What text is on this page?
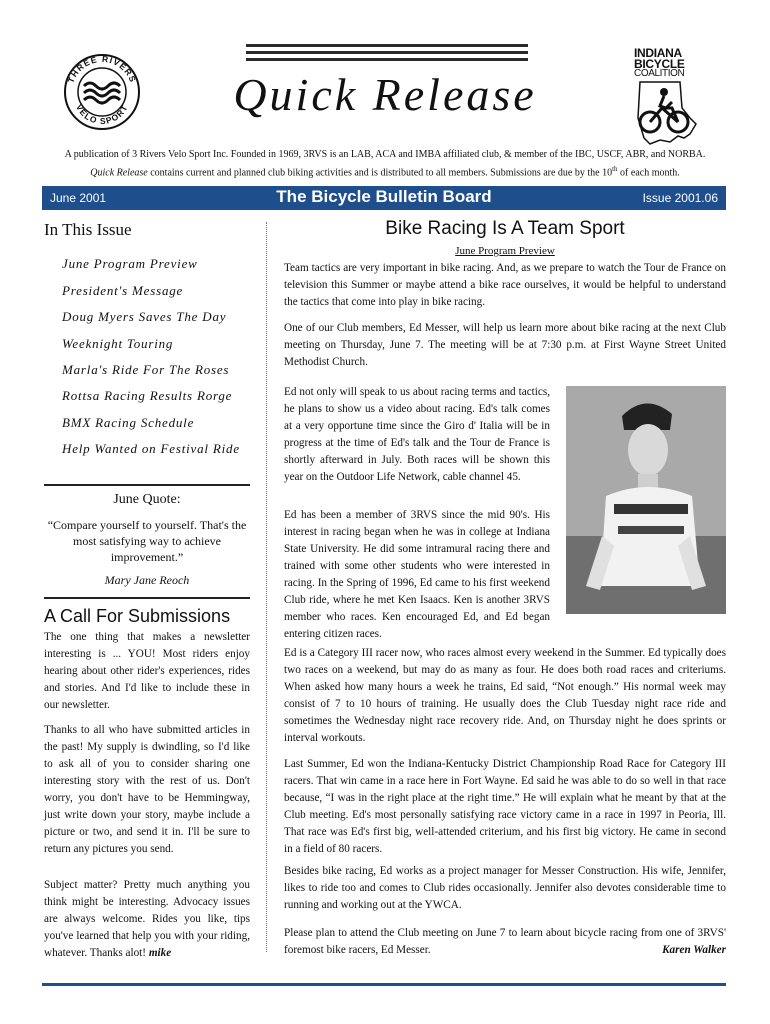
THREE RIVERS
VELO SPORT	Quick Release
INDIANA
BICYCLE
COALITION
A publication of 3 Rivers Velo Sport Inc. Founded in 1969, 3RVS is an LAB, ACA and IMBA affiliated club, & member of the IBC, USCF, ABR, and NORBA.
Quick Release contains current and planned club biking activities and is distributed to all members. Submissions are due by the 10th of each month.
The Bicycle Bulletin Board
June 2001	Issue 2001.06
In This Issue
June Program Preview
President's Message
Doug Myers Saves The Day
Weeknight Touring
Marla's Ride For The Roses
Rottsa Racing Results Rorge
BMX Racing Schedule
Help Wanted on Festival Ride
June Quote:
“Compare yourself to yourself. That's the most satisfying way to achieve improvement.”
Mary Jane Reoch
A Call For Submissions
The one thing that makes a newsletter interesting is ... YOU! Most riders enjoy hearing about other rider's experiences, rides and stories. And I'd like to include these in our newsletter.
Thanks to all who have submitted articles in the past! My supply is dwindling, so I'd like to ask all of you to consider sharing one interesting story with the rest of us. Don't worry, you don't have to be Hemmingway, just write down your story, maybe include a picture or two, and send it in. I'll be sure to return any pictures you send.
Subject matter? Pretty much anything you think might be interesting. Advocacy issues are always welcome. Rides you like, tips you've learned that help you with your riding, whatever. Thanks alot! mike
Bike Racing Is A Team Sport
June Program Preview
Team tactics are very important in bike racing. And, as we prepare to watch the Tour de France on television this Summer or maybe attend a bike race ourselves, it would be helpful to understand the tactics that come into play in bike racing.
One of our Club members, Ed Messer, will help us learn more about bike racing at the next Club meeting on Thursday, June 7. The meeting will be at 7:30 p.m. at First Wayne Street United Methodist Church.
Ed not only will speak to us about racing terms and tactics, he plans to show us a video about racing. Ed's talk comes at a very opportune time since the Giro d' Italia will be in progress at the time of Ed's talk and the Tour de France is shortly afterward in July. Both races will be shown this year on the Outdoor Life Network, cable channel 45.
Ed has been a member of 3RVS since the mid 90's. His interest in racing began when he was in college at Indiana State University. He did some intramural racing there and trained with some other students who were interested in racing. In the Spring of 1996, Ed came to his first weekend Club ride, where he met Ken Isaacs. Ken is another 3RVS member who races. Ken encouraged Ed, and Ed began entering citizen races.
Ed is a Category III racer now, who races almost every weekend in the Summer. Ed typically does two races on a weekend, but may do as many as four. He does both road races and criteriums. When asked how many hours a week he trains, Ed said, “Not enough.” His normal week may consist of 7 to 10 hours of training. He usually does the Club Tuesday night race ride and sometimes the Wednesday night race recovery ride. And, on Thursday night he does sprints or interval workouts.
Last Summer, Ed won the Indiana-Kentucky District Championship Road Race for Category III racers. That win came in a race here in Fort Wayne. Ed said he was able to do so well in that race because, “I was in the right place at the right time.” He will explain what he meant by that at the Club meeting. Ed's most personally satisfying race victory came in a race in 1997 in Peoria, Ill. That race was Ed's first big, well-attended criterium, and his first big victory. He came in second in a field of 80 racers.
Besides bike racing, Ed works as a project manager for Messer Construction. His wife, Jennifer, likes to ride too and comes to Club rides occasionally. Jennifer also devotes considerable time to running and working out at the YWCA.
Please plan to attend the Club meeting on June 7 to learn about bicycle racing from one of 3RVS' foremost bike racers, Ed Messer.	Karen Walker
